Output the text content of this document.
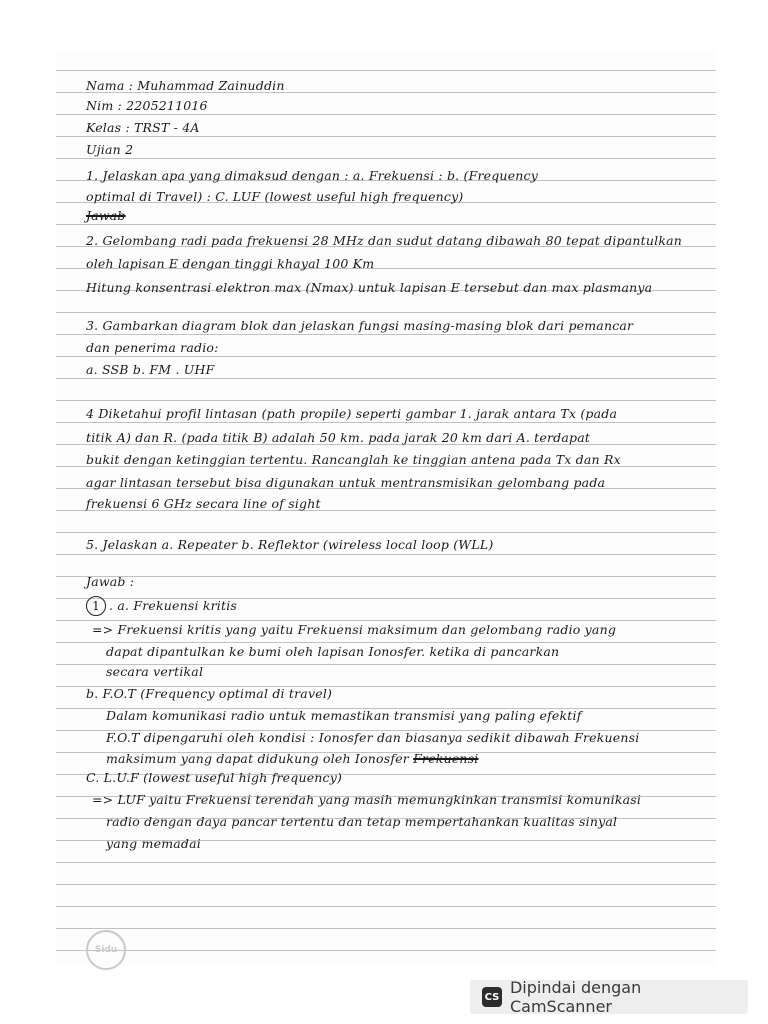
Nama : Muhammad Zainuddin
Nim : 2205211016
Kelas : TRST - 4A
Ujian 2
1. Jelaskan apa yang dimaksud dengan : a. Frekuensi : b. (Frequency
optimal di Travel) : C. LUF (lowest useful high frequency)
Jawab
2. Gelombang radi pada frekuensi 28 MHz dan sudut datang dibawah 80 tepat dipantulkan
oleh lapisan E dengan tinggi khayal 100 Km
Hitung konsentrasi elektron max (Nmax) untuk lapisan E tersebut dan max plasmanya
3. Gambarkan diagram blok dan jelaskan fungsi masing-masing blok dari pemancar
dan penerima radio:
a. SSB b. FM . UHF
4 Diketahui profil lintasan (path propile) seperti gambar 1. jarak antara Tx (pada
titik A) dan R. (pada titik B) adalah 50 km. pada jarak 20 km dari A. terdapat
bukit dengan ketinggian tertentu. Rancanglah ke tinggian antena pada Tx dan Rx
agar lintasan tersebut bisa digunakan untuk mentransmisikan gelombang pada
frekuensi 6 GHz secara line of sight
5. Jelaskan a. Repeater b. Reflektor (wireless local loop (WLL)
Jawab :
1 . a. Frekuensi kritis
=> Frekuensi kritis yang yaitu Frekuensi maksimum dan gelombang radio yang
dapat dipantulkan ke bumi oleh lapisan Ionosfer. ketika di pancarkan
secara vertikal
b. F.O.T (Frequency optimal di travel)
Dalam komunikasi radio untuk memastikan transmisi yang paling efektif
F.O.T dipengaruhi oleh kondisi : Ionosfer dan biasanya sedikit dibawah Frekuensi
maksimum yang dapat didukung oleh Ionosfer Frekuensi
C. L.U.F (lowest useful high frequency)
=> LUF yaitu Frekuensi terendah yang masih memungkinkan transmisi komunikasi
radio dengan daya pancar tertentu dan tetap mempertahankan kualitas sinyal
yang memadai
Sidu
CS Dipindai dengan CamScanner
